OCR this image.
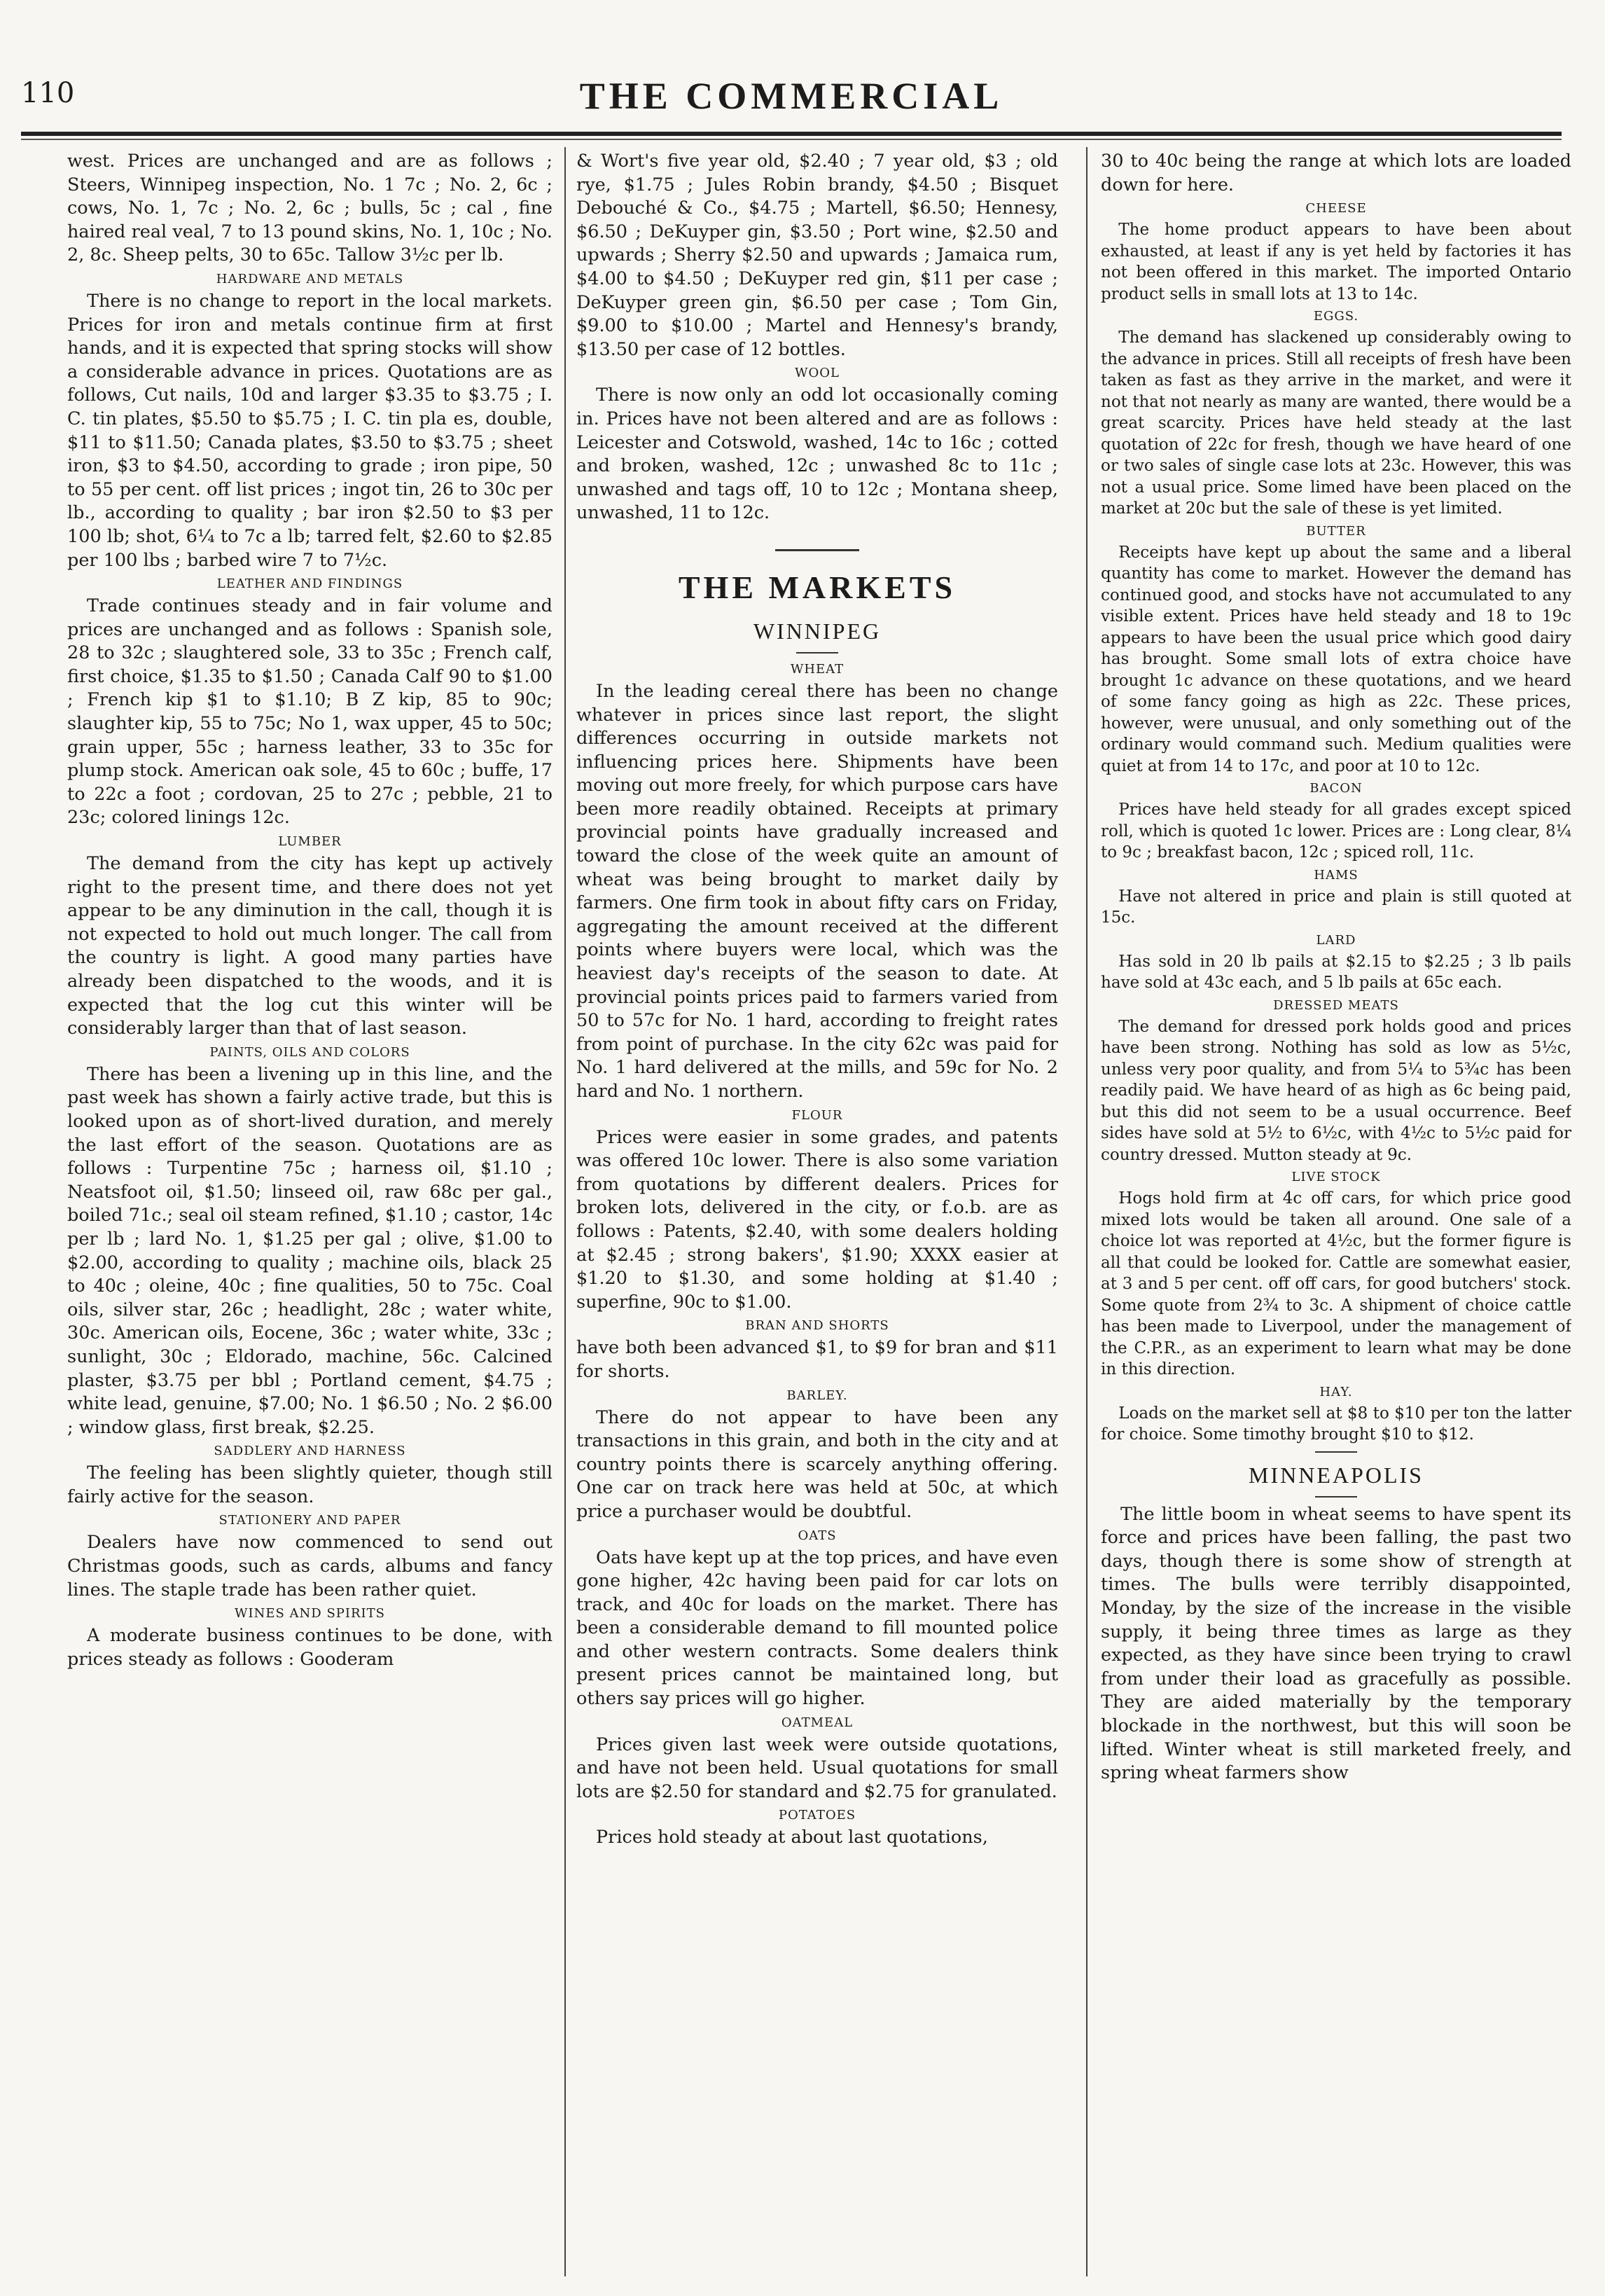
110	THE COMMERCIAL

west. Prices are unchanged and are as follows ; Steers, Winnipeg inspection, No. 1 7c ; No. 2, 6c ; cows, No. 1, 7c ; No. 2, 6c ; bulls, 5c ; cal , fine haired real veal, 7 to 13 pound skins, No. 1, 10c ; No. 2, 8c. Sheep pelts, 30 to 65c. Tallow 3½c per lb.

HARDWARE AND METALS

There is no change to report in the local markets. Prices for iron and metals continue firm at first hands, and it is expected that spring stocks will show a considerable advance in prices. Quotations are as follows, Cut nails, 10d and larger $3.35 to $3.75 ; I. C. tin plates, $5.50 to $5.75 ; I. C. tin pla es, double, $11 to $11.50; Canada plates, $3.50 to $3.75 ; sheet iron, $3 to $4.50, according to grade ; iron pipe, 50 to 55 per cent. off list prices ; ingot tin, 26 to 30c per lb., according to quality ; bar iron $2.50 to $3 per 100 lb; shot, 6¼ to 7c a lb; tarred felt, $2.60 to $2.85 per 100 lbs ; barbed wire 7 to 7½c.

LEATHER AND FINDINGS

Trade continues steady and in fair volume and prices are unchanged and as follows : Spanish sole, 28 to 32c ; slaughtered sole, 33 to 35c ; French calf, first choice, $1.35 to $1.50 ; Canada Calf 90 to $1.00 ; French kip $1 to $1.10; B Z kip, 85 to 90c; slaughter kip, 55 to 75c; No 1, wax upper, 45 to 50c; grain upper, 55c ; harness leather, 33 to 35c for plump stock. American oak sole, 45 to 60c ; buffe, 17 to 22c a foot ; cordovan, 25 to 27c ; pebble, 21 to 23c; colored linings 12c.

LUMBER

The demand from the city has kept up actively right to the present time, and there does not yet appear to be any diminution in the call, though it is not expected to hold out much longer. The call from the country is light. A good many parties have already been dispatched to the woods, and it is expected that the log cut this winter will be considerably larger than that of last season.

PAINTS, OILS AND COLORS

There has been a livening up in this line, and the past week has shown a fairly active trade, but this is looked upon as of short-lived duration, and merely the last effort of the season. Quotations are as follows : Turpentine 75c ; harness oil, $1.10 ; Neatsfoot oil, $1.50; linseed oil, raw 68c per gal., boiled 71c.; seal oil steam refined, $1.10 ; castor, 14c per lb ; lard No. 1, $1.25 per gal ; olive, $1.00 to $2.00, according to quality ; machine oils, black 25 to 40c ; oleine, 40c ; fine qualities, 50 to 75c. Coal oils, silver star, 26c ; headlight, 28c ; water white, 30c. American oils, Eocene, 36c ; water white, 33c ; sunlight, 30c ; Eldorado, machine, 56c. Calcined plaster, $3.75 per bbl ; Portland cement, $4.75 ; white lead, genuine, $7.00; No. 1 $6.50 ; No. 2 $6.00 ; window glass, first break, $2.25.

SADDLERY AND HARNESS

The feeling has been slightly quieter, though still fairly active for the season.

STATIONERY AND PAPER

Dealers have now commenced to send out Christmas goods, such as cards, albums and fancy lines. The staple trade has been rather quiet.

WINES AND SPIRITS

A moderate business continues to be done, with prices steady as follows : Gooderam

& Wort's five year old, $2.40 ; 7 year old, $3 ; old rye, $1.75 ; Jules Robin brandy, $4.50 ; Bisquet Debouché & Co., $4.75 ; Martell, $6.50; Hennesy, $6.50 ; DeKuyper gin, $3.50 ; Port wine, $2.50 and upwards ; Sherry $2.50 and upwards ; Jamaica rum, $4.00 to $4.50 ; DeKuyper red gin, $11 per case ; DeKuyper green gin, $6.50 per case ; Tom Gin, $9.00 to $10.00 ; Martel and Hennesy's brandy, $13.50 per case of 12 bottles.

WOOL

There is now only an odd lot occasionally coming in. Prices have not been altered and are as follows : Leicester and Cotswold, washed, 14c to 16c ; cotted and broken, washed, 12c ; unwashed 8c to 11c ; unwashed and tags off, 10 to 12c ; Montana sheep, unwashed, 11 to 12c.

THE MARKETS
WINNIPEG
WHEAT

In the leading cereal there has been no change whatever in prices since last report, the slight differences occurring in outside markets not influencing prices here. Shipments have been moving out more freely, for which purpose cars have been more readily obtained. Receipts at primary provincial points have gradually increased and toward the close of the week quite an amount of wheat was being brought to market daily by farmers. One firm took in about fifty cars on Friday, aggregating the amount received at the different points where buyers were local, which was the heaviest day's receipts of the season to date. At provincial points prices paid to farmers varied from 50 to 57c for No. 1 hard, according to freight rates from point of purchase. In the city 62c was paid for No. 1 hard delivered at the mills, and 59c for No. 2 hard and No. 1 northern.

FLOUR

Prices were easier in some grades, and patents was offered 10c lower. There is also some variation from quotations by different dealers. Prices for broken lots, delivered in the city, or f.o.b. are as follows : Patents, $2.40, with some dealers holding at $2.45 ; strong bakers', $1.90; XXXX easier at $1.20 to $1.30, and some holding at $1.40 ; superfine, 90c to $1.00.

BRAN AND SHORTS

have both been advanced $1, to $9 for bran and $11 for shorts.

BARLEY.

There do not appear to have been any transactions in this grain, and both in the city and at country points there is scarcely anything offering. One car on track here was held at 50c, at which price a purchaser would be doubtful.

OATS

Oats have kept up at the top prices, and have even gone higher, 42c having been paid for car lots on track, and 40c for loads on the market. There has been a considerable demand to fill mounted police and other western contracts. Some dealers think present prices cannot be maintained long, but others say prices will go higher.

OATMEAL

Prices given last week were outside quotations, and have not been held. Usual quotations for small lots are $2.50 for standard and $2.75 for granulated.

POTATOES

Prices hold steady at about last quotations,

30 to 40c being the range at which lots are loaded down for here.

CHEESE

The home product appears to have been about exhausted, at least if any is yet held by factories it has not been offered in this market. The imported Ontario product sells in small lots at 13 to 14c.

EGGS.

The demand has slackened up considerably owing to the advance in prices. Still all receipts of fresh have been taken as fast as they arrive in the market, and were it not that not nearly as many are wanted, there would be a great scarcity. Prices have held steady at the last quotation of 22c for fresh, though we have heard of one or two sales of single case lots at 23c. However, this was not a usual price. Some limed have been placed on the market at 20c but the sale of these is yet limited.

BUTTER

Receipts have kept up about the same and a liberal quantity has come to market. However the demand has continued good, and stocks have not accumulated to any visible extent. Prices have held steady and 18 to 19c appears to have been the usual price which good dairy has brought. Some small lots of extra choice have brought 1c advance on these quotations, and we heard of some fancy going as high as 22c. These prices, however, were unusual, and only something out of the ordinary would command such. Medium qualities were quiet at from 14 to 17c, and poor at 10 to 12c.

BACON

Prices have held steady for all grades except spiced roll, which is quoted 1c lower. Prices are : Long clear, 8¼ to 9c ; breakfast bacon, 12c ; spiced roll, 11c.

HAMS

Have not altered in price and plain is still quoted at 15c.

LARD

Has sold in 20 lb pails at $2.15 to $2.25 ; 3 lb pails have sold at 43c each, and 5 lb pails at 65c each.

DRESSED MEATS

The demand for dressed pork holds good and prices have been strong. Nothing has sold as low as 5½c, unless very poor quality, and from 5¼ to 5¾c has been readily paid. We have heard of as high as 6c being paid, but this did not seem to be a usual occurrence. Beef sides have sold at 5½ to 6½c, with 4½c to 5½c paid for country dressed. Mutton steady at 9c.

LIVE STOCK

Hogs hold firm at 4c off cars, for which price good mixed lots would be taken all around. One sale of a choice lot was reported at 4½c, but the former figure is all that could be looked for. Cattle are somewhat easier, at 3 and 5 per cent. off off cars, for good butchers' stock. Some quote from 2¾ to 3c. A shipment of choice cattle has been made to Liverpool, under the management of the C.P.R., as an experiment to learn what may be done in this direction.

HAY.

Loads on the market sell at $8 to $10 per ton the latter for choice. Some timothy brought $10 to $12.

MINNEAPOLIS

The little boom in wheat seems to have spent its force and prices have been falling, the past two days, though there is some show of strength at times. The bulls were terribly disappointed, Monday, by the size of the increase in the visible supply, it being three times as large as they expected, as they have since been trying to crawl from under their load as gracefully as possible. They are aided materially by the temporary blockade in the northwest, but this will soon be lifted. Winter wheat is still marketed freely, and spring wheat farmers show
